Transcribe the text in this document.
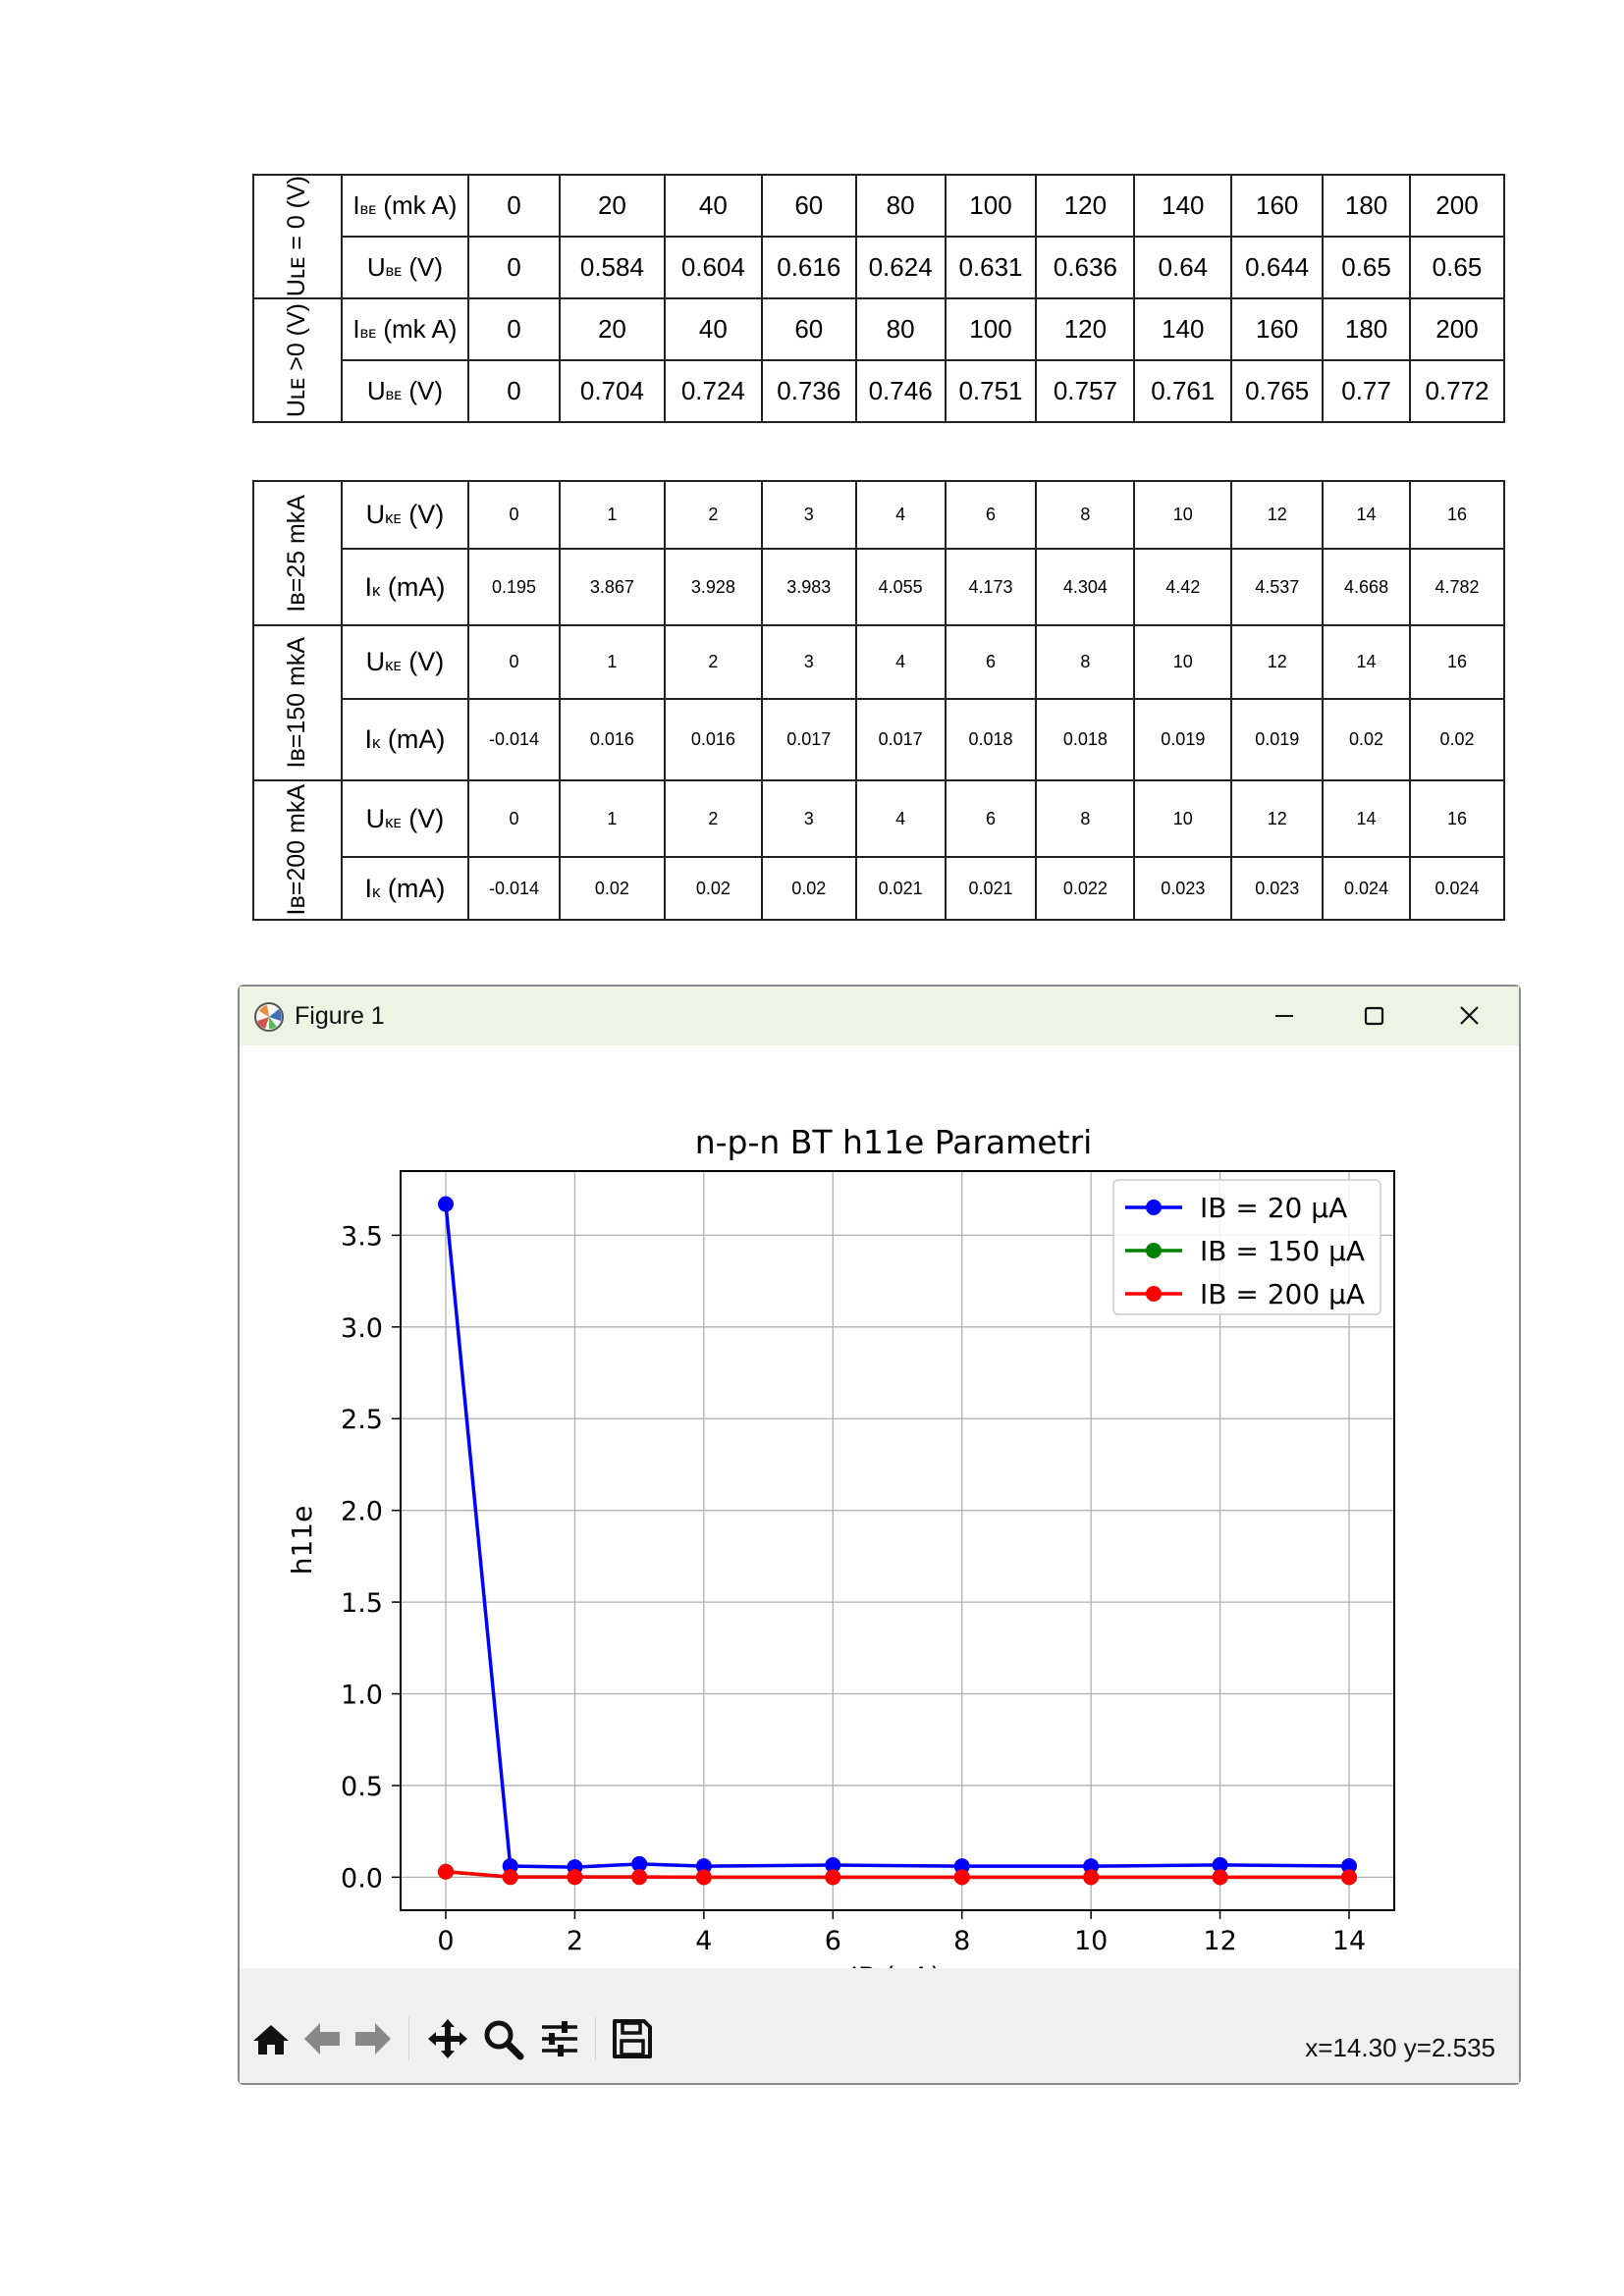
Uʟᴇ = 0 (V)	Iʙᴇ (mk A)	0	20	40	60	80	100	120	140	160	180	200
	Uʙᴇ (V)	0	0.584	0.604	0.616	0.624	0.631	0.636	0.64	0.644	0.65	0.65

Uʟᴇ >0 (V)	Iʙᴇ (mk A)	0	20	40	60	80	100	120	140	160	180	200
	Uʙᴇ (V)	0	0.704	0.724	0.736	0.746	0.751	0.757	0.761	0.765	0.77	0.772
Iʙ=25 mkA	Uᴋᴇ (V)	0	1	2	3	4	6	8	10	12	14	16
	Iᴋ (mA)	0.195	3.867	3.928	3.983	4.055	4.173	4.304	4.42	4.537	4.668	4.782

Iʙ=150 mkA	Uᴋᴇ (V)	0	1	2	3	4	6	8	10	12	14	16
	Iᴋ (mA)	-0.014	0.016	0.016	0.017	0.017	0.018	0.018	0.019	0.019	0.02	0.02

Iʙ=200 mkA	Uᴋᴇ (V)	0	1	2	3	4	6	8	10	12	14	16
	Iᴋ (mA)	-0.014	0.02	0.02	0.02	0.021	0.021	0.022	0.023	0.023	0.024	0.024
Figure 1
n-p-n BT h11e Parametri
0	2	4	6	8	10	12	14
0.0
0.5
1.0
1.5
2.0
2.5
3.0
3.5
h11e
IB = 20 μA
IB = 150 μA
IB = 200 μA
x=14.30 y=2.535
